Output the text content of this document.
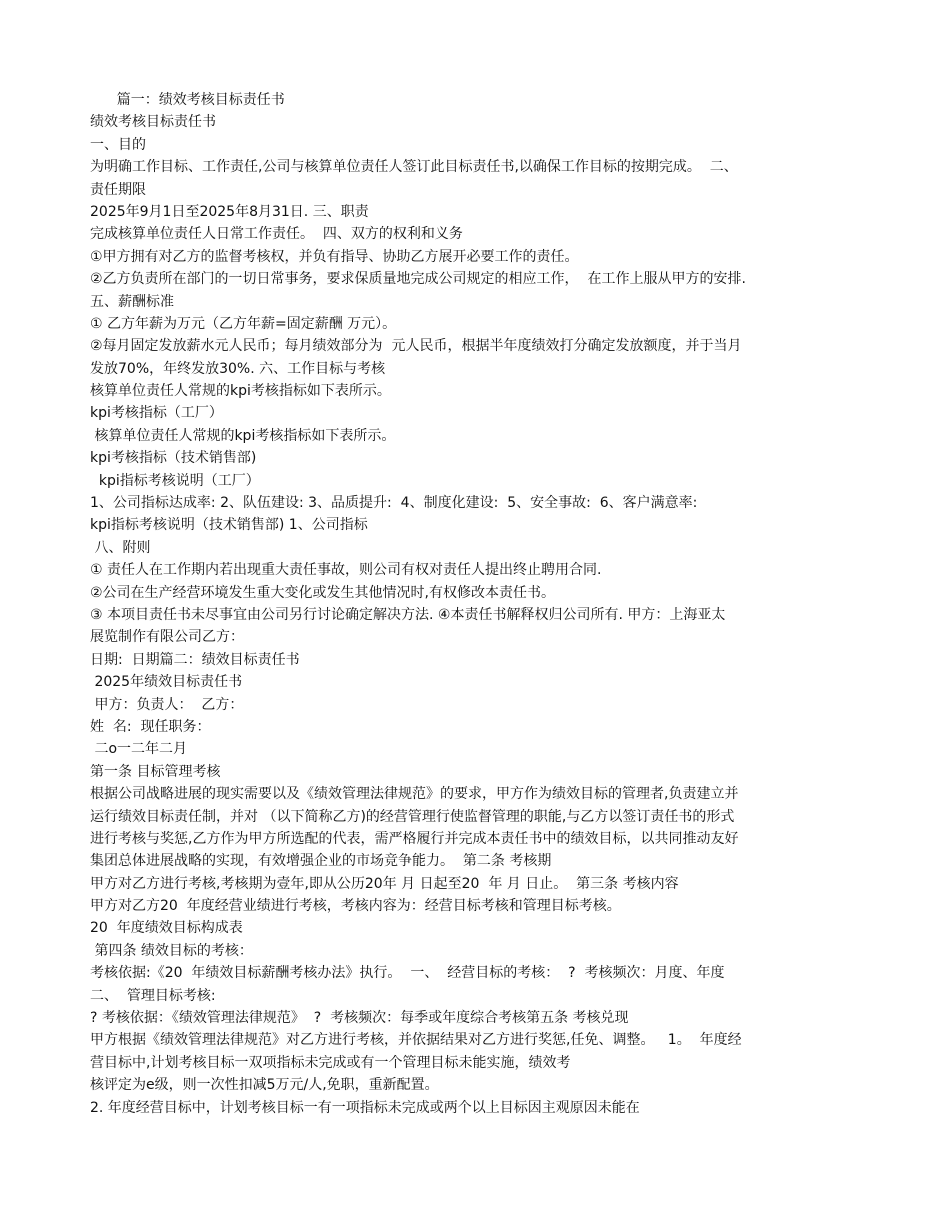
篇一：绩效考核目标责任书
绩效考核目标责任书
一、目的
为明确工作目标、工作责任,公司与核算单位责任人签订此目标责任书,以确保工作目标的按期完成。  二、
责任期限
2025年9月1日至2025年8月31日. 三、职责
完成核算单位责任人日常工作责任。  四、双方的权利和义务
①甲方拥有对乙方的监督考核权，并负有指导、协助乙方展开必要工作的责任。
②乙方负责所在部门的一切日常事务，要求保质量地完成公司规定的相应工作，  在工作上服从甲方的安排.
五、薪酬标准
① 乙方年薪为万元（乙方年薪=固定薪酬 万元）。
②每月固定发放薪水元人民币；每月绩效部分为  元人民币，根据半年度绩效打分确定发放额度，并于当月
发放70%，年终发放30%. 六、工作目标与考核
核算单位责任人常规的kpi考核指标如下表所示。
kpi考核指标（工厂）
核算单位责任人常规的kpi考核指标如下表所示。
kpi考核指标（技术销售部)
kpi指标考核说明（工厂）
1、公司指标达成率: 2、队伍建设: 3、品质提升:  4、制度化建设:  5、安全事故:  6、客户满意率:
kpi指标考核说明（技术销售部) 1、公司指标
八、附则
① 责任人在工作期内若出现重大责任事故，则公司有权对责任人提出终止聘用合同.
②公司在生产经营环境发生重大变化或发生其他情况时,有权修改本责任书。
③ 本项目责任书未尽事宜由公司另行讨论确定解决方法. ④本责任书解释权归公司所有. 甲方：上海亚太
展览制作有限公司乙方：
日期:  日期篇二：绩效目标责任书
2025年绩效目标责任书
甲方：负责人：  乙方：
姓  名:  现任职务：
二o一二年二月
第一条 目标管理考核
根据公司战略进展的现实需要以及《绩效管理法律规范》的要求，甲方作为绩效目标的管理者,负责建立并
运行绩效目标责任制，并对 （以下简称乙方)的经营管理行使监督管理的职能,与乙方以签订责任书的形式
进行考核与奖惩,乙方作为甲方所选配的代表，需严格履行并完成本责任书中的绩效目标，以共同推动友好
集团总体进展战略的实现，有效增强企业的市场竞争能力。  第二条 考核期
甲方对乙方进行考核,考核期为壹年,即从公历20年 月 日起至20  年 月 日止。  第三条 考核内容
甲方对乙方20  年度经营业绩进行考核，考核内容为：经营目标考核和管理目标考核。
20  年度绩效目标构成表
第四条 绩效目标的考核：
考核依据:《20  年绩效目标薪酬考核办法》执行。  一、  经营目标的考核：  ?  考核频次：月度、年度
二、  管理目标考核:
? 考核依据：《绩效管理法律规范》  ?  考核频次：每季或年度综合考核第五条 考核兑现
甲方根据《绩效管理法律规范》对乙方进行考核，并依据结果对乙方进行奖惩,任免、调整。   1。  年度经
营目标中,计划考核目标一双项指标未完成或有一个管理目标未能实施，绩效考
核评定为e级，则一次性扣减5万元/人,免职，重新配置。
2. 年度经营目标中，计划考核目标一有一项指标未完成或两个以上目标因主观原因未能在
